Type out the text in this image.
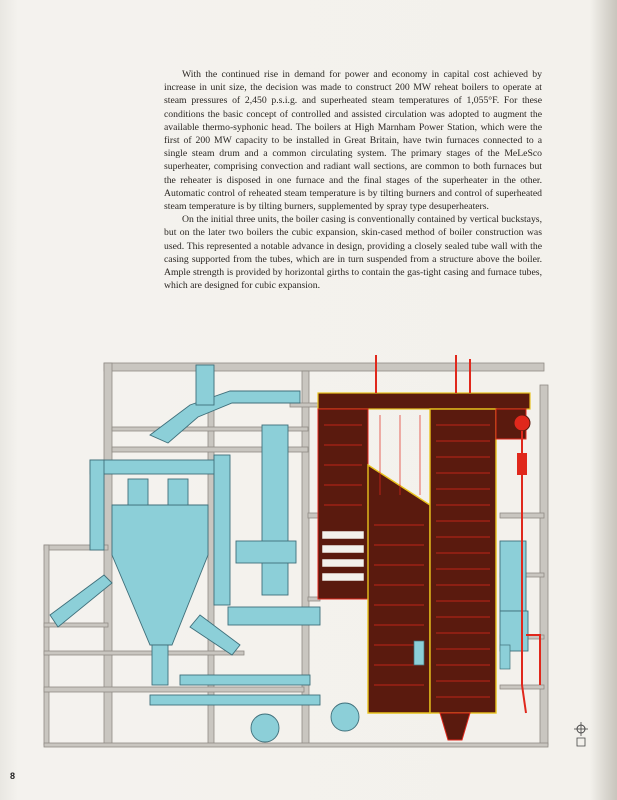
With the continued rise in demand for power and economy in capital cost achieved by increase in unit size, the decision was made to construct 200 MW reheat boilers to operate at steam pressures of 2,450 p.s.i.g. and superheated steam temperatures of 1,055°F. For these conditions the basic concept of controlled and assisted circulation was adopted to augment the available thermo-syphonic head. The boilers at High Marnham Power Station, which were the first of 200 MW capacity to be installed in Great Britain, have twin furnaces connected to a single steam drum and a common circulating system. The primary stages of the MeLeSco superheater, comprising convection and radiant wall sections, are common to both furnaces but the reheater is disposed in one furnace and the final stages of the superheater in the other. Automatic control of reheated steam temperature is by tilting burners and control of superheated steam temperature is by tilting burners, supplemented by spray type desuperheaters.

On the initial three units, the boiler casing is conventionally contained by vertical buckstays, but on the later two boilers the cubic expansion, skin-cased method of boiler construction was used. This represented a notable advance in design, providing a closely sealed tube wall with the casing supported from the tubes, which are in turn suspended from a structure above the boiler. Ample strength is provided by horizontal girths to contain the gas-tight casing and furnace tubes, which are designed for cubic expansion.

8
